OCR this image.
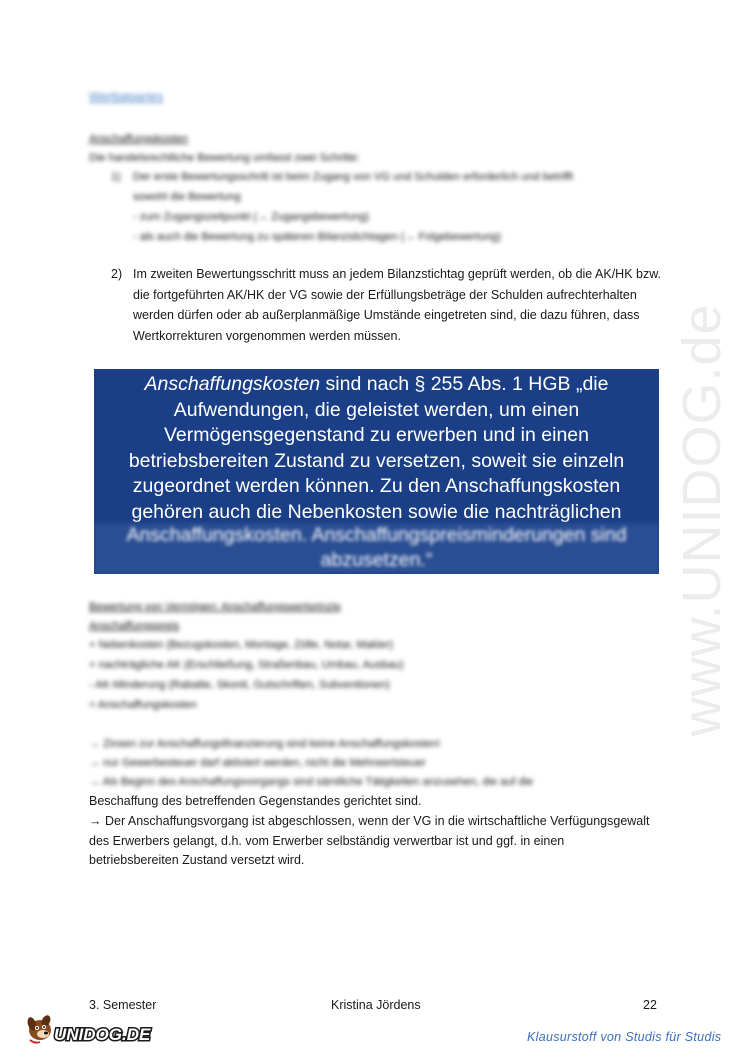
Werttatgaries
Anschaffungskosten
Die handelsrechtliche Bewertung umfasst zwei Schritte:
1) Der erste Bewertungsschritt ist beim Zugang von VG und Schulden erforderlich und betrifft
sowohl die Bewertung
- zum Zugangszeitpunkt (→ Zugangsbewertung)
- als auch die Bewertung zu späteren Bilanzstichtagen (→ Folgebewertung)
2) Im zweiten Bewertungsschritt muss an jedem Bilanzstichtag geprüft werden, ob die AK/HK bzw. die fortgeführten AK/HK der VG sowie der Erfüllungsbeträge der Schulden aufrechterhalten werden dürfen oder ab außerplanmäßige Umstände eingetreten sind, die dazu führen, dass Wertkorrekturen vorgenommen werden müssen.	www.UNIDOG.de
Anschaffungskosten sind nach § 255 Abs. 1 HGB „die Aufwendungen, die geleistet werden, um einen Vermögensgegenstand zu erwerben und in einen betriebsbereiten Zustand zu versetzen, soweit sie einzeln zugeordnet werden können. Zu den Anschaffungskosten gehören auch die Nebenkosten sowie die nachträglichen
Anschaffungskosten. Anschaffungspreisminderungen sind
abzusetzen.“
Bewertung von Vermögen: Anschaffungswertprinzip
Anschaffungspreis
+ Nebenkosten (Bezugskosten, Montage, Zölle, Notar, Makler)
+ nachträgliche AK (Erschließung, Straßenbau, Umbau, Ausbau)
- AK-Minderung (Rabatte, Skonti, Gutschriften, Subventionen)
= Anschaffungskosten
→ Zinsen zur Anschaffungsfinanzierung sind keine Anschaffungskosten!
→ nur Gewerbesteuer darf aktiviert werden, nicht die Mehrwertsteuer
→ Als Beginn des Anschaffungsvorgangs sind sämtliche Tätigkeiten anzusehen, die auf die
Beschaffung des betreffenden Gegenstandes gerichtet sind.
→ Der Anschaffungsvorgang ist abgeschlossen, wenn der VG in die wirtschaftliche Verfügungsgewalt
des Erwerbers gelangt, d.h. vom Erwerber selbständig verwertbar ist und ggf. in einen
betriebsbereiten Zustand versetzt wird.
3. Semester	Kristina Jördens	22
UNIDOG.DE	Klausurstoff von Studis für Studis
